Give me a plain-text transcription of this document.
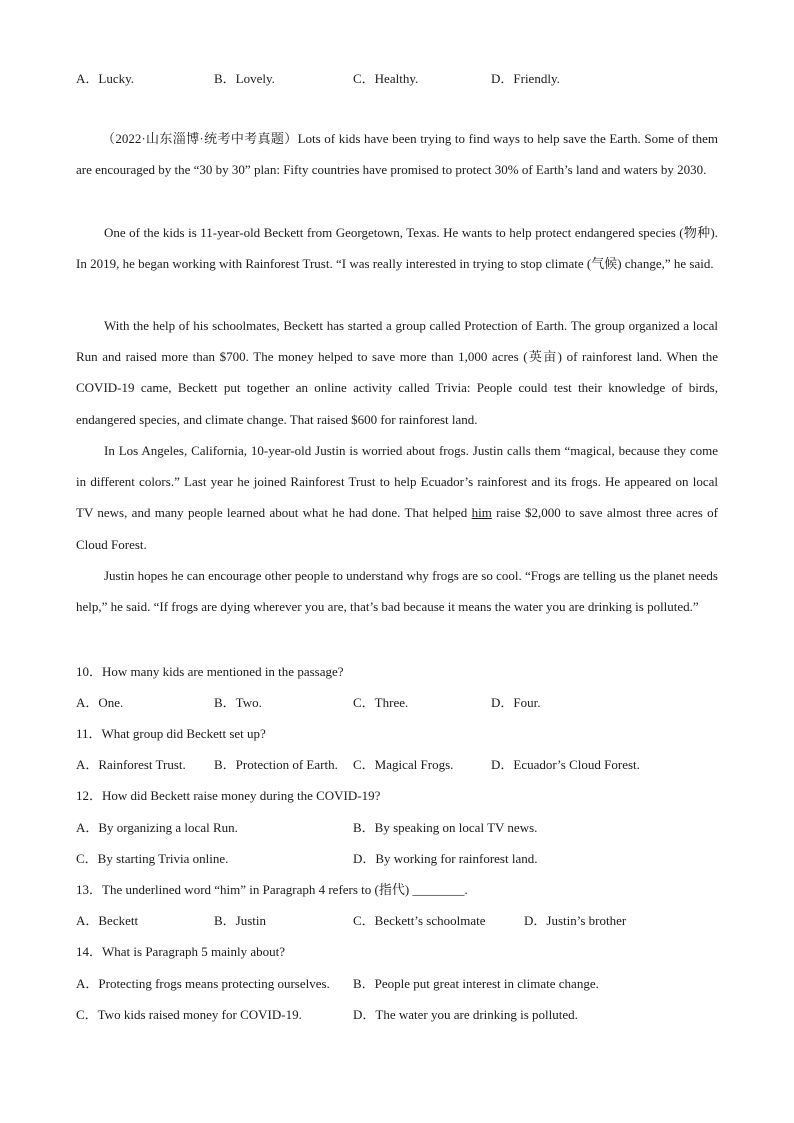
A．Lucky.	B．Lovely.	C．Healthy.	D．Friendly.
（2022·山东淄博·统考中考真题）Lots of kids have been trying to find ways to help save the Earth. Some of them are encouraged by the “30 by 30” plan: Fifty countries have promised to protect 30% of Earth’s land and waters by 2030.
One of the kids is 11-year-old Beckett from Georgetown, Texas. He wants to help protect endangered species (物种). In 2019, he began working with Rainforest Trust. “I was really interested in trying to stop climate (气候) change,” he said.
With the help of his schoolmates, Beckett has started a group called Protection of Earth. The group organized a local Run and raised more than $700. The money helped to save more than 1,000 acres (英亩) of rainforest land. When the COVID-19 came, Beckett put together an online activity called Trivia: People could test their knowledge of birds, endangered species, and climate change. That raised $600 for rainforest land.
In Los Angeles, California, 10-year-old Justin is worried about frogs. Justin calls them “magical, because they come in different colors.” Last year he joined Rainforest Trust to help Ecuador’s rainforest and its frogs. He appeared on local TV news, and many people learned about what he had done. That helped him raise $2,000 to save almost three acres of Cloud Forest.
Justin hopes he can encourage other people to understand why frogs are so cool. “Frogs are telling us the planet needs help,” he said. “If frogs are dying wherever you are, that’s bad because it means the water you are drinking is polluted.”
10．How many kids are mentioned in the passage?
A．One.	B．Two.	C．Three.	D．Four.
11．What group did Beckett set up?
A．Rainforest Trust. B．Protection of Earth. C．Magical Frogs.	D．Ecuador’s Cloud Forest.
12．How did Beckett raise money during the COVID-19?
A．By organizing a local Run.	B．By speaking on local TV news.
C．By starting Trivia online.	D．By working for rainforest land.
13．The underlined word “him” in Paragraph 4 refers to (指代) ________.
A．Beckett	B．Justin	C．Beckett’s schoolmate	D．Justin’s brother
14．What is Paragraph 5 mainly about?
A．Protecting frogs means protecting ourselves. B．People put great interest in climate change.
C．Two kids raised money for COVID-19.	D．The water you are drinking is polluted.
